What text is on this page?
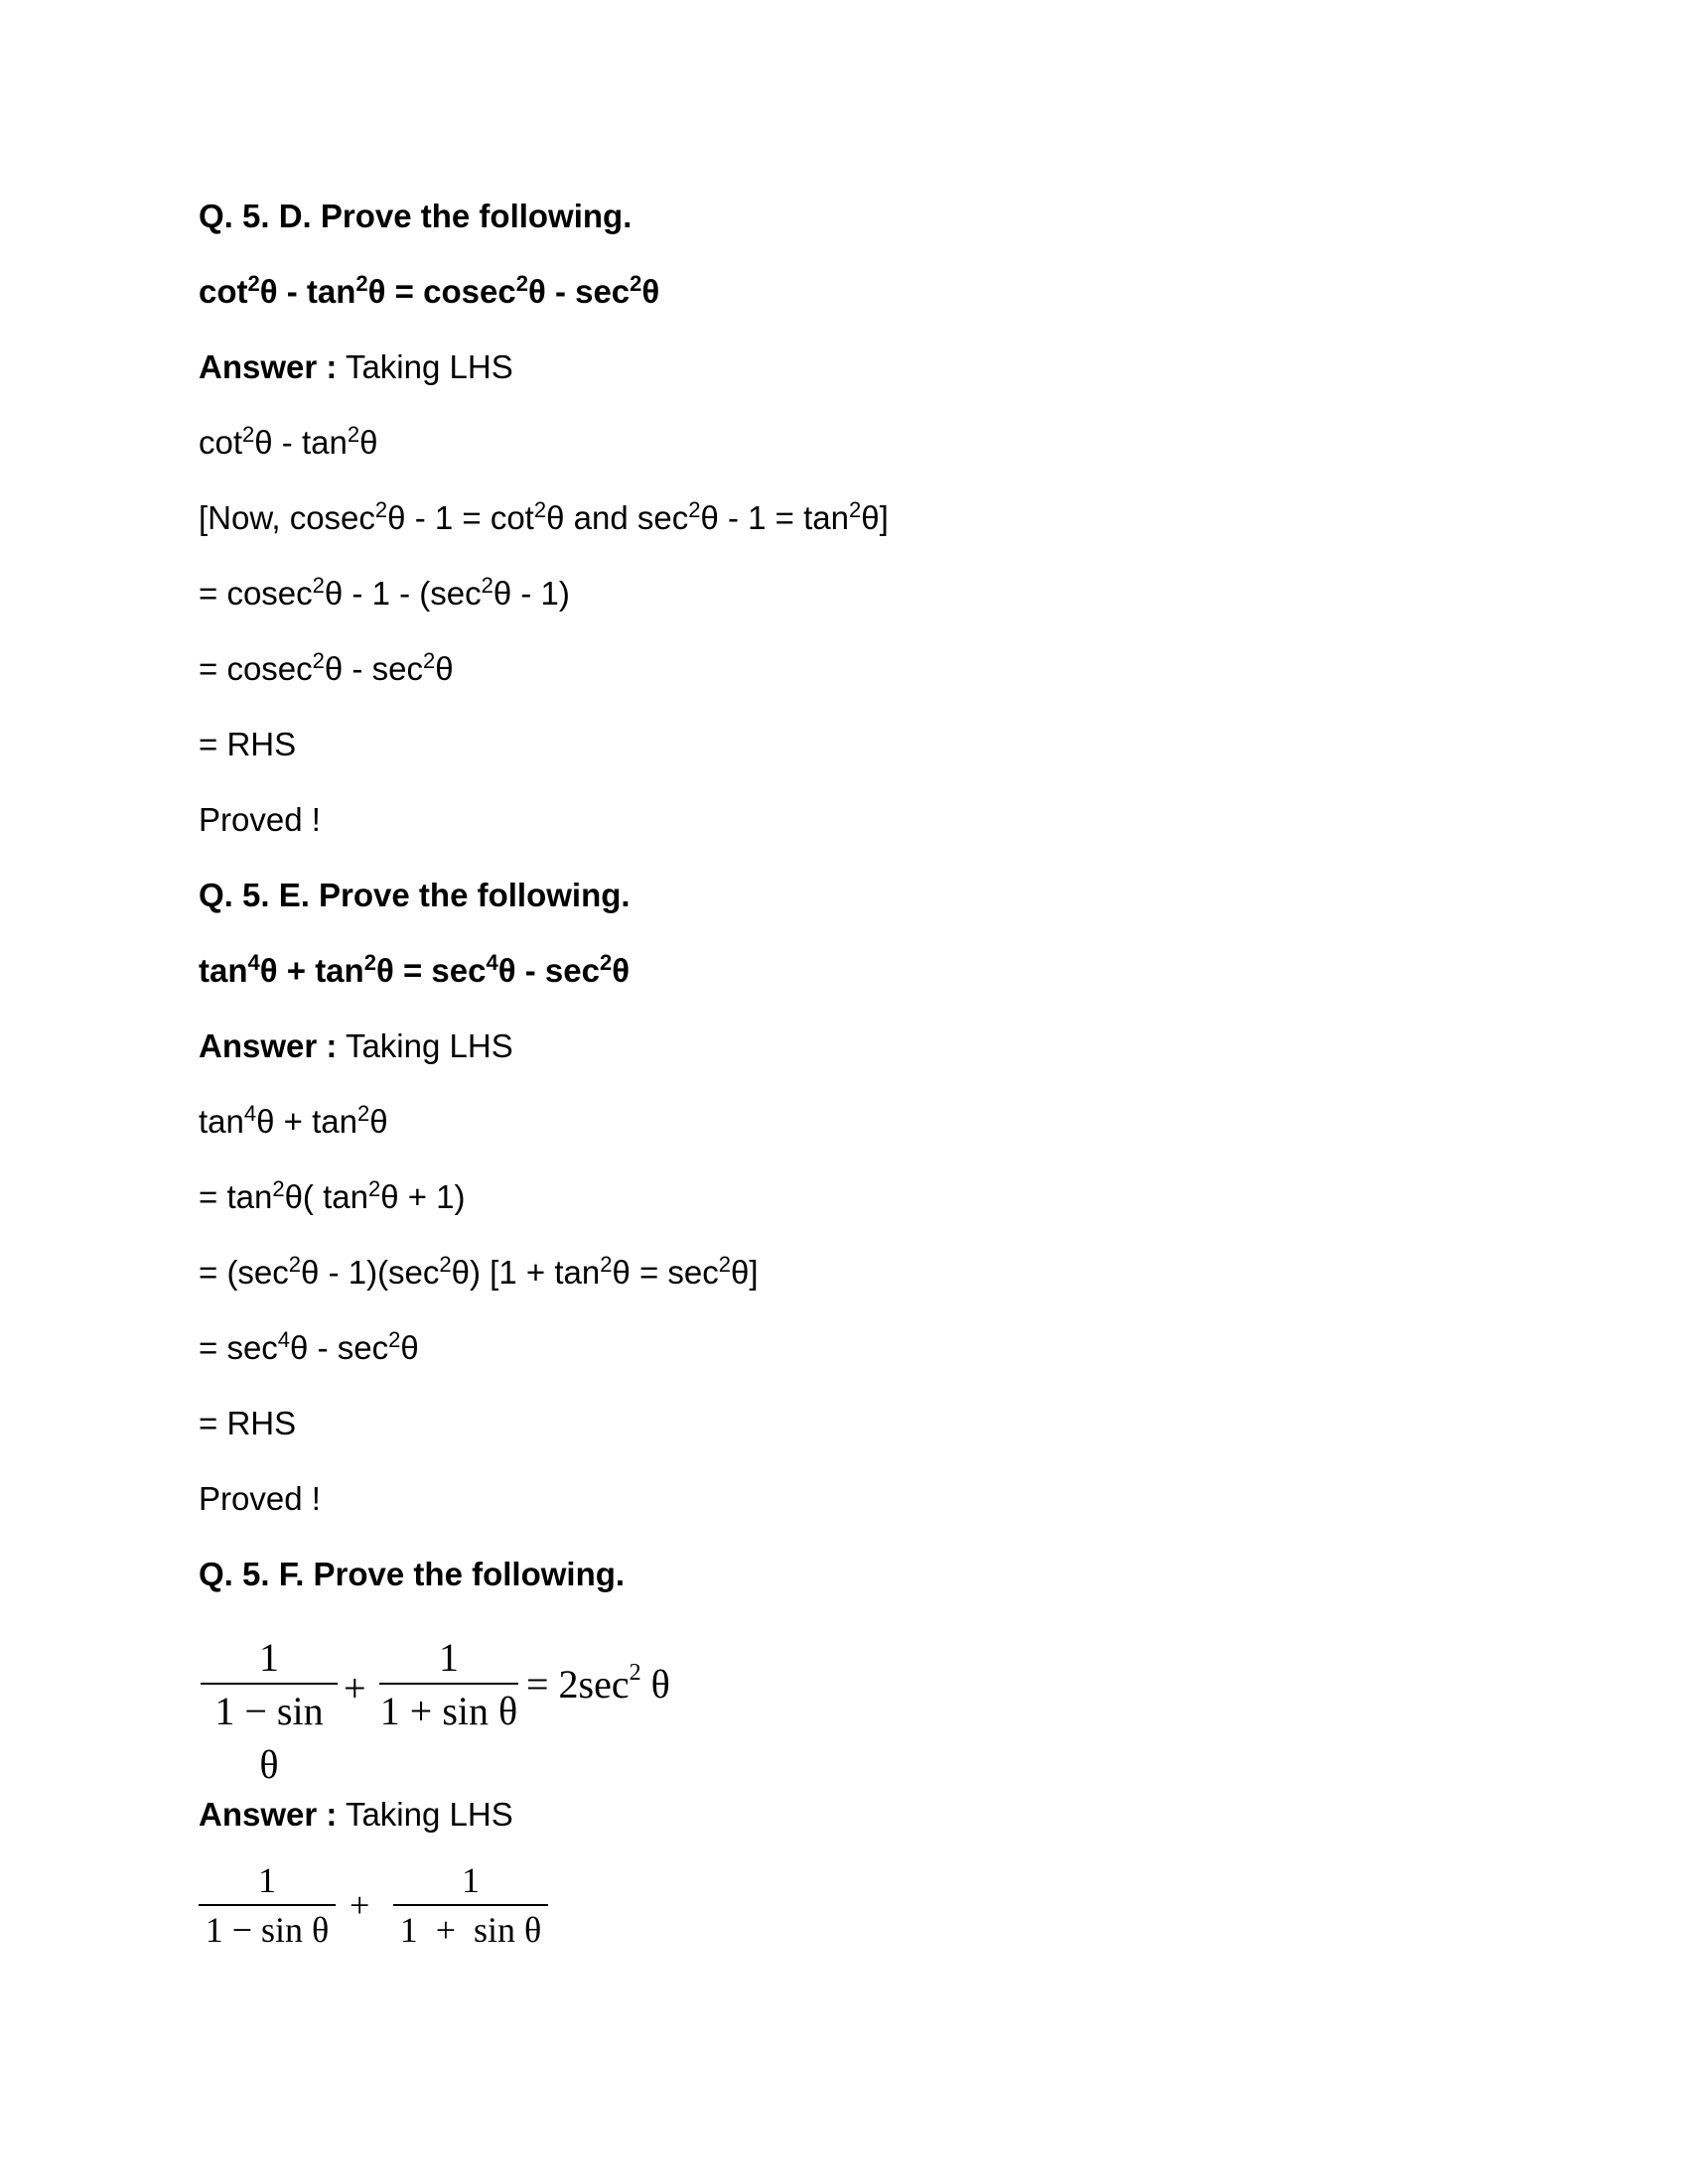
Q. 5. D. Prove the following.
$\cot^2\theta - \tan^2\theta = cosec^2\theta - \sec^2\theta$
Answer : Taking LHS
$\cot^2\theta - \tan^2\theta$
[Now, $cosec^2\theta - 1 = \cot^2\theta$ and $\sec^2\theta - 1 = \tan^2\theta$]
= $cosec^2\theta - 1 - (\sec^2\theta - 1)$
= $cosec^2\theta - \sec^2\theta$
= RHS
Proved !
Q. 5. E. Prove the following.
$\tan^4\theta + \tan^2\theta = \sec^4\theta - \sec^2\theta$
Answer : Taking LHS
$\tan^4\theta + \tan^2\theta$
= $\tan^2\theta$( $\tan^2\theta + 1$)
= $(\sec^2\theta - 1)(\sec^2\theta) [1 + \tan^2\theta = \sec^2\theta]$
= $\sec^4\theta - \sec^2\theta$
= RHS
Proved !
Q. 5. F. Prove the following.
1
1 − sin θ
+
1
1 + sin θ
= $2\sec^2$ θ
Answer : Taking LHS
1
1 − sin θ
+
1
1  +  sin θ
